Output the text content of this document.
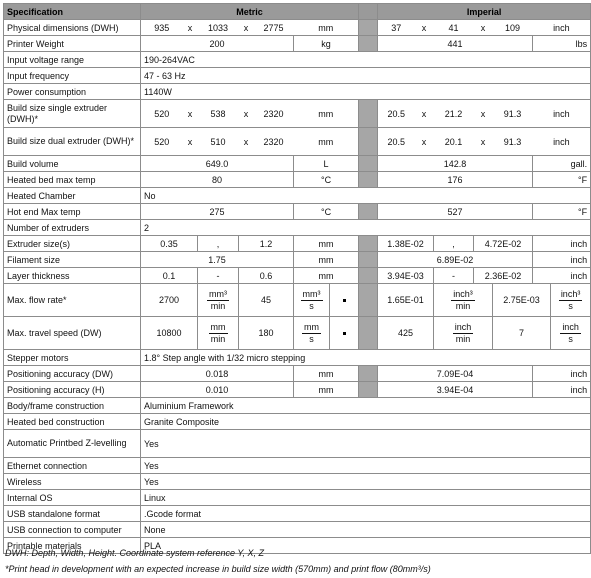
Specification	Metric								Imperial						
Physical dimensions (DWH)	935	x	1033	x	2775	mm			37	x	41	x	109	inch	
Printer Weight	200					kg			441					lbs	
Input voltage range	190-264VAC														
Input frequency	47 - 63 Hz														
Power consumption	1140W														
Build size single extruder (DWH)*	520	x	538	x	2320	mm			20.5	x	21.2	x	91.3	inch	
Build size dual extruder (DWH)*	520	x	510	x	2320	mm			20.5	x	20.1	x	91.3	inch	
Build volume	649.0					L			142.8					gall.	
Heated bed max temp	80					°C			176					°F	
Heated Chamber	No														
Hot end Max temp	275					°C			527					°F	
Number of extruders	2														
Extruder size(s)	0.35		,	1.2		mm			1.38E-02		,	4.72E-02		inch	
Filament size	1.75					mm			6.89E-02					inch	
Layer thickness	0.1		-	0.6		mm			3.94E-03		-	2.36E-02		inch	
Max. flow rate*	2700		$\frac{\text{mm³}}{\min}$	45		$\frac{\text{mm³}}{s}$			1.65E-01		$\frac{\text{inch³}}{\min}$		2.75E-03		$\frac{\text{inch³}}{s}$

Max. travel speed (DW)	10800		$\frac{mm}{\min}$	180		$\frac{mm}{s}$			425		$\frac{\text{inch}}{\min}$		7		$\frac{\text{inch}}{s}$

Stepper motors	1.8° Step angle with 1/32 micro stepping														
Positioning accuracy (DW)	0.018					mm			7.09E-04					inch	
Positioning accuracy (H)	0.010					mm			3.94E-04					inch	
Body/frame construction	Aluminium Framework														
Heated bed construction	Granite Composite														
Automatic Printbed Z-levelling	Yes														
Ethernet connection	Yes														
Wireless	Yes														
Internal OS	Linux														
USB standalone format	.Gcode format														
USB connection to computer	None														
Printable materials	PLA														
DWH: Depth, Width, Height. Coordinate system reference Y, X, Z
*Print head in development with an expected increase in build size width (570mm) and print flow (80mm³/s)
